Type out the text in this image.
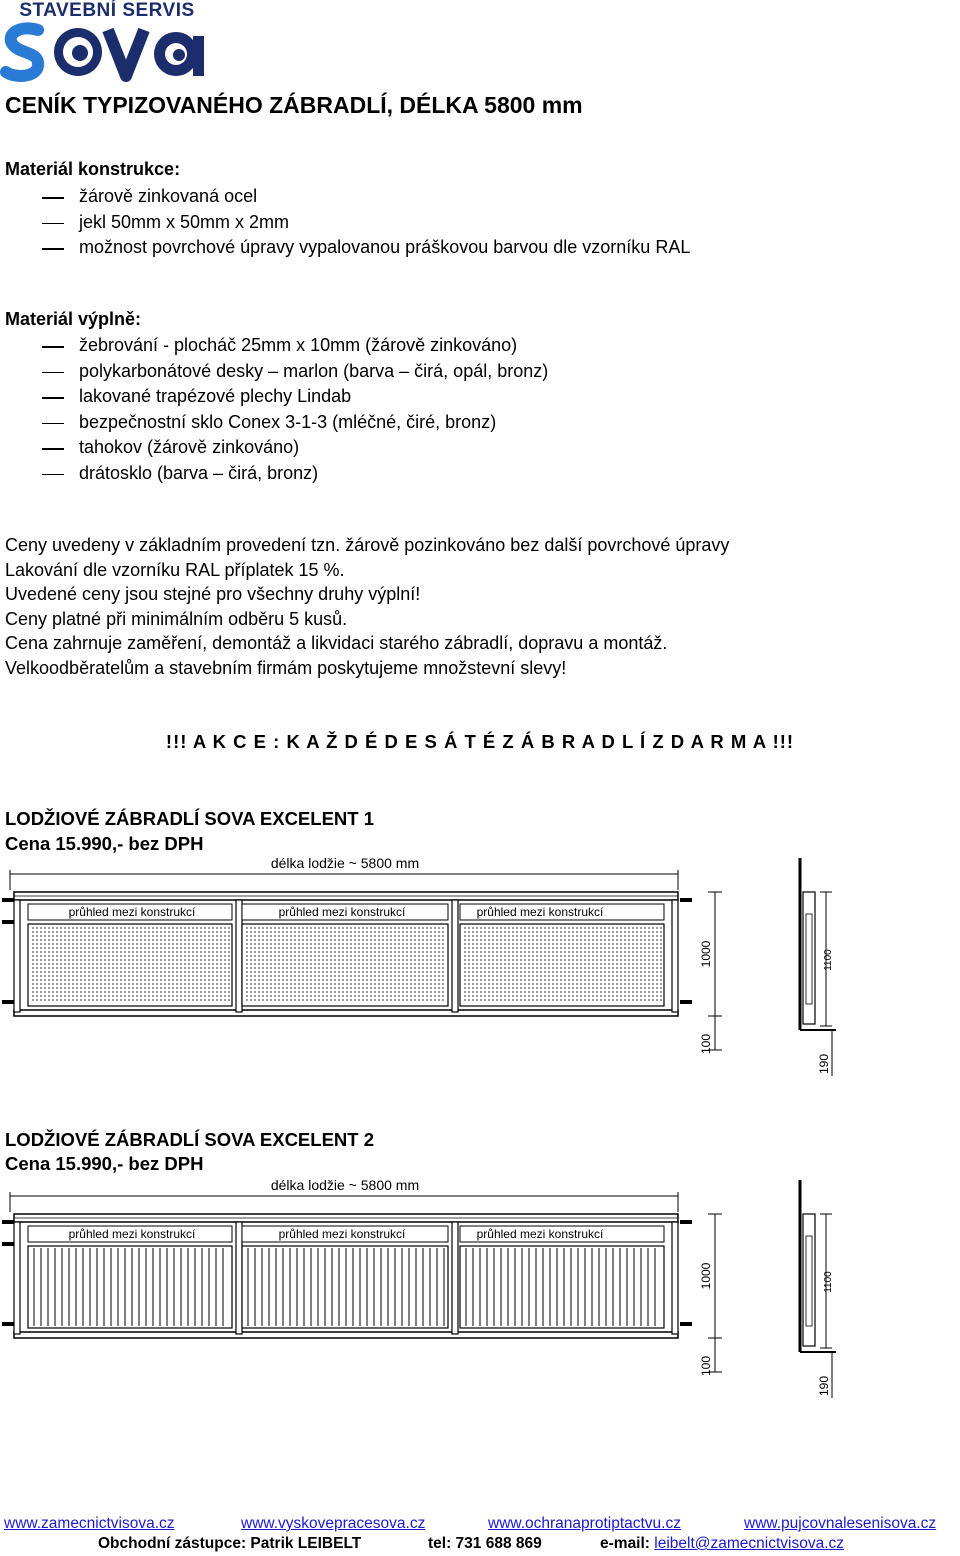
STAVEBNÍ SERVIS
CENÍK TYPIZOVANÉHO ZÁBRADLÍ, DÉLKA 5800 mm
Materiál konstrukce:
žárově zinkovaná ocel
jekl 50mm x 50mm x 2mm
možnost povrchové úpravy vypalovanou práškovou barvou dle vzorníku RAL
Materiál výplně:
žebrování - plocháč 25mm x 10mm (žárově zinkováno)
polykarbonátové desky – marlon (barva – čirá, opál, bronz)
lakované trapézové plechy Lindab
bezpečnostní sklo Conex 3-1-3 (mléčné, čiré, bronz)
tahokov (žárově zinkováno)
drátosklo (barva – čirá, bronz)
Ceny uvedeny v základním provedení tzn. žárově pozinkováno bez další povrchové úpravy
Lakování dle vzorníku RAL příplatek 15 %.
Uvedené ceny jsou stejné pro všechny druhy výplní!
Ceny platné při minimálním odběru 5 kusů.
Cena zahrnuje zaměření, demontáž a likvidaci starého zábradlí, dopravu a montáž.
Velkoodběratelům a stavebním firmám poskytujeme množstevní slevy!
!!! A K C E : K A Ž D É D E S Á T É Z Á B R A D L Í Z D A R M A !!!
LODŽIOVÉ ZÁBRADLÍ SOVA EXCELENT 1
Cena 15.990,- bez DPH
délka lodžie ~ 5800 mm
průhled mezi konstrukcí	průhled mezi konstrukcí	průhled mezi konstrukcí
1000
100
1100
190
LODŽIOVÉ ZÁBRADLÍ SOVA EXCELENT 2
Cena 15.990,- bez DPH
délka lodžie ~ 5800 mm
průhled mezi konstrukcí	průhled mezi konstrukcí	průhled mezi konstrukcí
1000
100
1100
190
www.zamecnictvisova.cz	www.vyskovepracesova.cz	www.ochranaprotiptactvu.cz	www.pujcovnalesenisova.cz
Obchodní zástupce: Patrik LEIBELT	tel: 731 688 869	e-mail: leibelt@zamecnictvisova.cz
